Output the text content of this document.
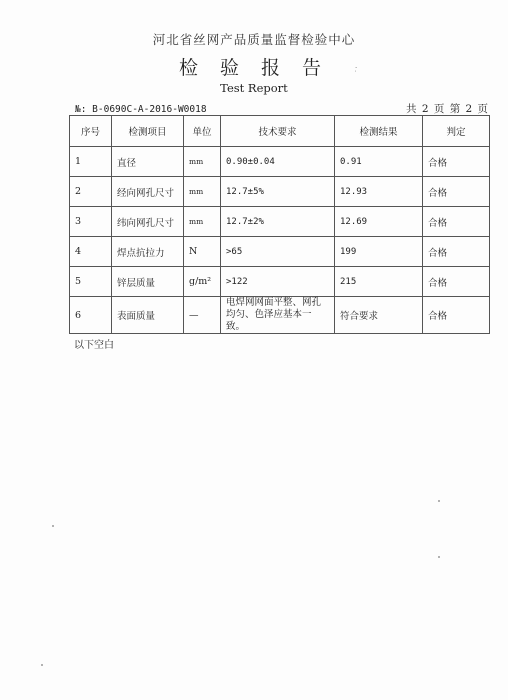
河北省丝网产品质量监督检验中心
检 验 报 告
Test Report
·̣
№: B-0690C-A-2016-W0018	共 2 页 第 2 页
序号	检测项目	单位	技术要求	检测结果	判定
1	直径	mm	0.90±0.04	0.91	合格
2	经向网孔尺寸	mm	12.7±5%	12.93	合格
3	纬向网孔尺寸	mm	12.7±2%	12.69	合格
4	焊点抗拉力	N	>65	199	合格
5	锌层质量	g/m²	>122	215	合格
6	表面质量	—	电焊网网面平整、网孔均匀、色泽应基本一致。	符合要求	合格
以下空白
